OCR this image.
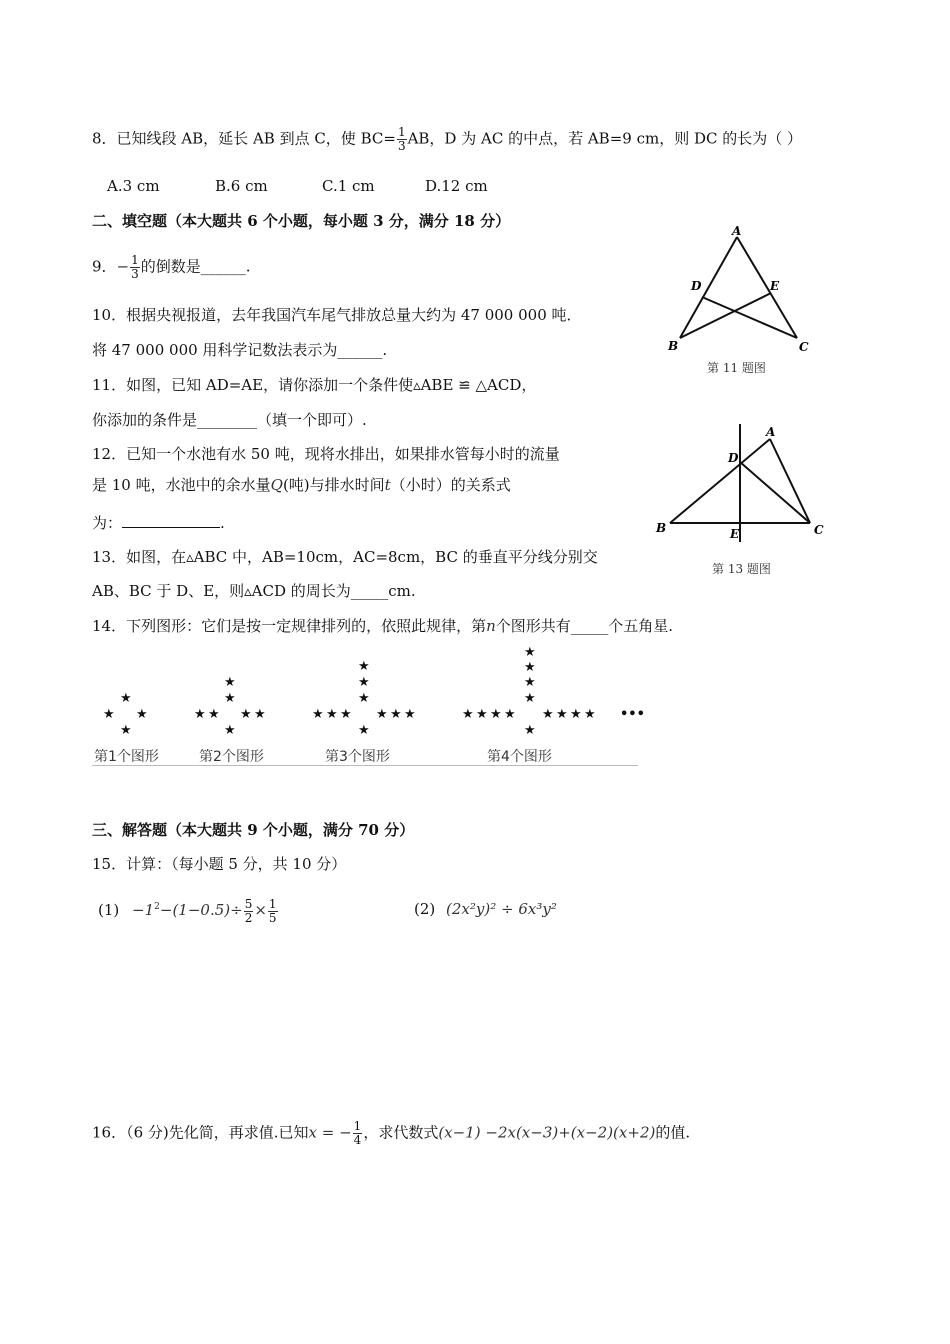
8．已知线段 AB，延长 AB 到点 C，使 $BC= \frac{1}{3}$ AB，D 为 AC 的中点，若 AB=9 cm，则 DC 的长为（ ）
A.3 cm	B.6 cm	C.1 cm	D.12 cm
二、填空题（本大题共 6 个小题，每小题 3 分，满分 18 分）
9．− $\frac{1}{3}$ 的倒数是______.
10．根据央视报道，去年我国汽车尾气排放总量大约为 47 000 000 吨．
将 47 000 000 用科学记数法表示为______.
11．如图，已知 AD=AE，请你添加一个条件使▵ABE ≌ △ACD，
你添加的条件是________（填一个即可）.
12．已知一个水池有水 50 吨，现将水排出，如果排水管每小时的流量
是 10 吨，水池中的余水量Q(吨)与排水时间t（小时）的关系式
为：	.
13．如图，在▵ABC 中，AB=10cm，AC=8cm，BC 的垂直平分线分别交
AB、BC 于 D、E，则▵ACD 的周长为_____cm.
14．下列图形：它们是按一定规律排列的，依照此规律，第n个图形共有_____个五角星.
A
B	C
D	E
第 11 题图
A
B	C
D
E
第 13 题图
★
★ ★
★
★
★
★ ★ ★ ★
★
★
★
★
★ ★ ★ ★ ★ ★
★
★
★
★
★
★ ★ ★ ★ ★ ★ ★ ★
★
•••
第1个图形	第2个图形	第3个图形	第4个图形
三、解答题（本大题共 9 个小题，满分 70 分）
15．计算：（每小题 5 分，共 10 分）
$(1) -1^2-(1-0.5)\div \frac{5}{2} \times \frac{1}{5}$	(2) (2x²y)² ÷ 6x³y²
16．（6 分)先化简，再求值.已知x = − $\frac{1}{4}$ ，求代数式(x−1) −2x(x−3)+(x−2)(x+2)的值.
